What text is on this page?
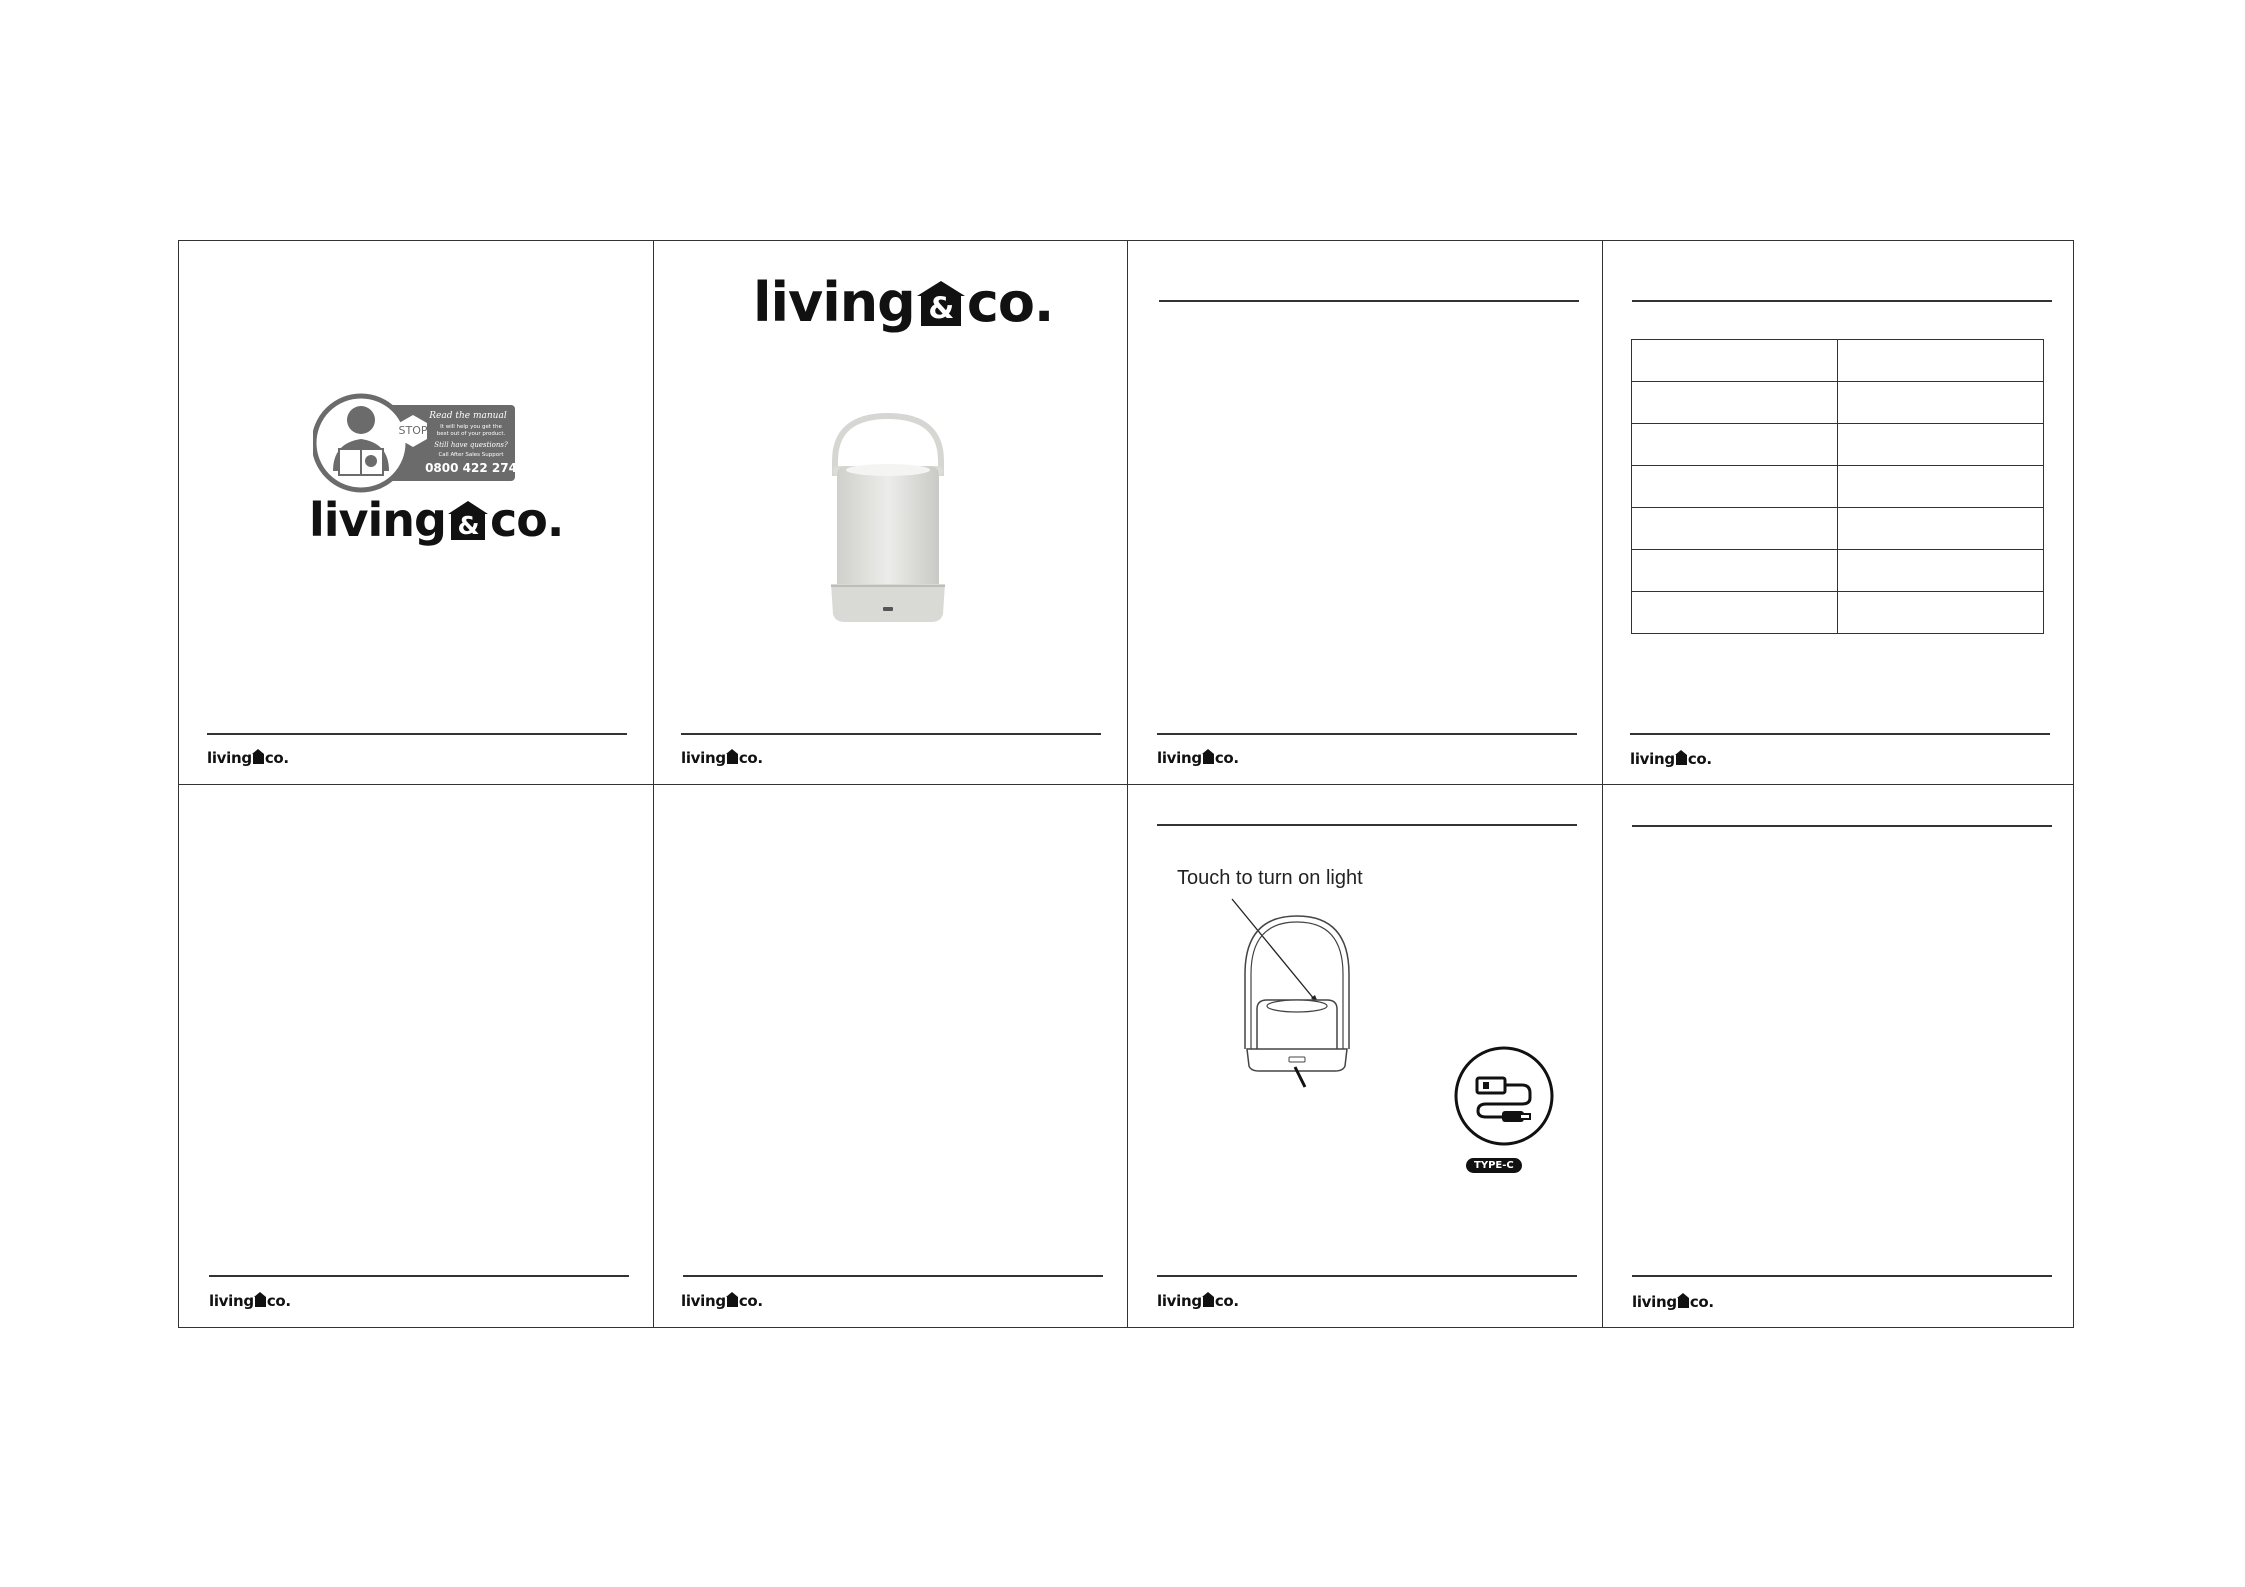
STOP
Read the manual
It will help you get the
best out of your product.
Still have questions?
Call After Sales Support
0800 422 274
living & co.
living co.
living & co.
living co.	living co.

		living co.
living co.	living co.
Touch to turn on light
TYPE-C
living co.	living co.
